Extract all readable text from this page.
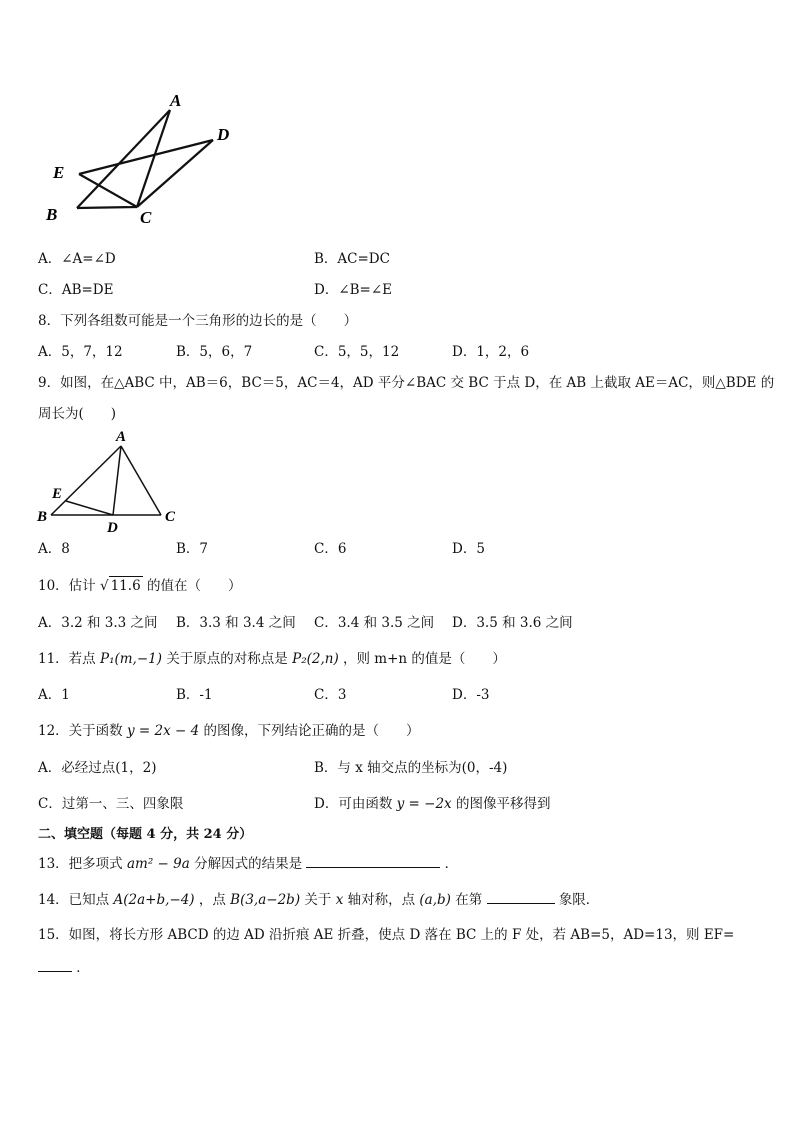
A
D
E
B	C
A．∠A=∠D	B．AC=DC
C．AB=DE	D．∠B=∠E
8．下列各组数可能是一个三角形的边长的是（　　）
A．5，7，12	B．5，6，7	C．5，5，12	D．1，2，6
9．如图，在△ABC 中，AB＝6，BC＝5，AC＝4，AD 平分∠BAC 交 BC 于点 D，在 AB 上截取 AE＝AC，则△BDE 的
周长为(　　)
A
E
B
D
C
A．8	B．7	C．6	D．5
10．估计 √ 11.6 的值在（　　）
A．3.2 和 3.3 之间 B．3.3 和 3.4 之间 C．3.4 和 3.5 之间 D．3.5 和 3.6 之间
11．若点 P₁(m,−1) 关于原点的对称点是 P₂(2,n) ，则 m+n 的值是（　　）
A．1	B．-1	C．3	D．-3
12．关于函数 y = 2x − 4 的图像，下列结论正确的是（　　）
A．必经过点(1，2)	B．与 x 轴交点的坐标为(0，-4)
C．过第一、三、四象限	D．可由函数 y = −2x 的图像平移得到
二、填空题（每题 4 分，共 24 分）
13．把多项式 am² − 9a 分解因式的结果是	．
14．已知点 A(2a+b,−4) ，点 B(3,a−2b) 关于 x 轴对称，点 (a,b) 在第	象限．
15．如图，将长方形 ABCD 的边 AD 沿折痕 AE 折叠，使点 D 落在 BC 上的 F 处，若 AB=5，AD=13，则 EF=
．
